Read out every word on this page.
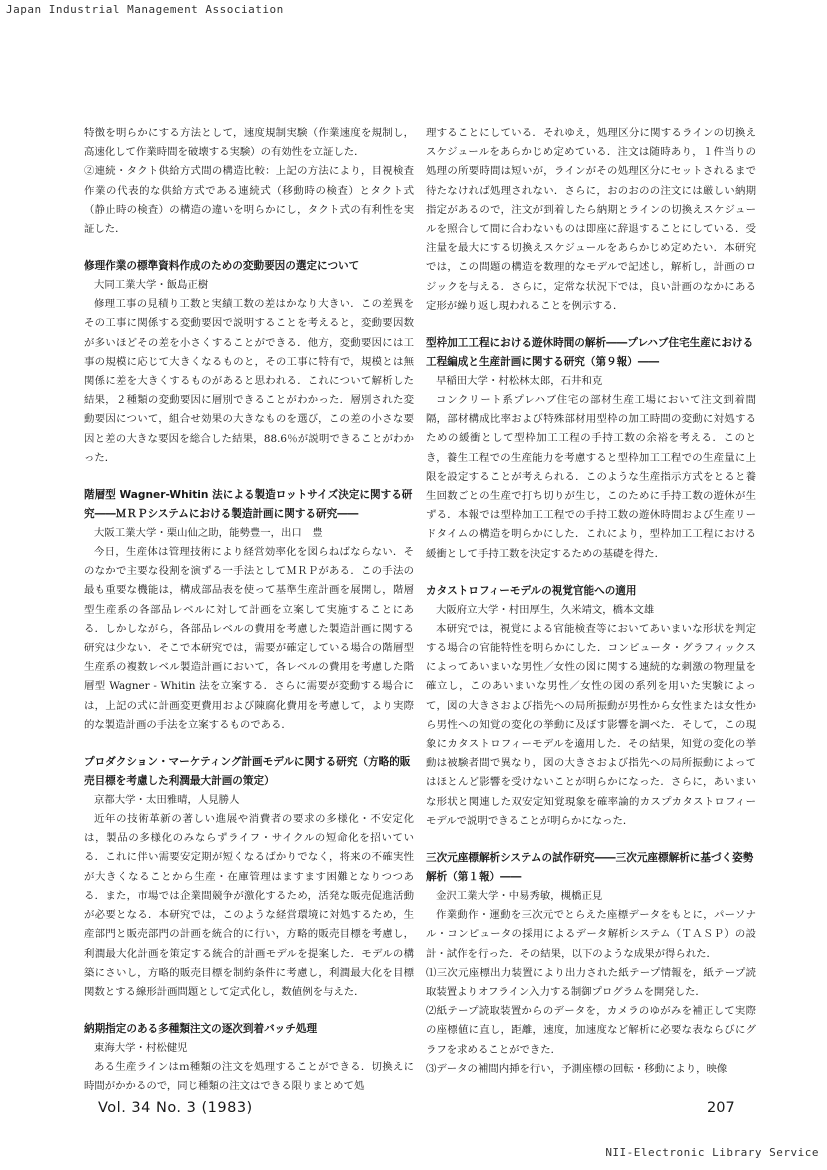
Japan Industrial Management Association

特徴を明らかにする方法として，速度規制実験（作業速度を規制し，高速化して作業時間を破壊する実験）の有効性を立証した．

②連続・タクト供給方式間の構造比較：上記の方法により，目視検査作業の代表的な供給方式である連続式（移動時の検査）とタクト式（静止時の検査）の構造の違いを明らかにし，タクト式の有利性を実証した．

修理作業の標準資料作成のための変動要因の選定について

大同工業大学・飯島正樹

修理工事の見積り工数と実績工数の差はかなり大きい．この差異をその工事に関係する変動要因で説明することを考えると，変動要因数が多いほどその差を小さくすることができる．他方，変動要因には工事の規模に応じて大きくなるものと，その工事に特有で，規模とは無関係に差を大きくするものがあると思われる．これについて解析した結果，２種類の変動要因に層別できることがわかった．層別された変動要因について，組合せ効果の大きなものを選び，この差の小さな要因と差の大きな要因を総合した結果，88.6％が説明できることがわかった．

階層型 Wagner-Whitin 法による製造ロットサイズ決定に関する研究――ＭＲＰシステムにおける製造計画に関する研究――

大阪工業大学・栗山仙之助，能勢豊一，出口　豊

今日，生産体は管理技術により経営効率化を図らねばならない．そのなかで主要な役割を演ずる一手法としてＭＲＰがある．この手法の最も重要な機能は，構成部品表を使って基準生産計画を展開し，階層型生産系の各部品レベルに対して計画を立案して実施することにある．しかしながら，各部品レベルの費用を考慮した製造計画に関する研究は少ない．そこで本研究では，需要が確定している場合の階層型生産系の複数レベル製造計画において，各レベルの費用を考慮した階層型 Wagner - Whitin 法を立案する．さらに需要が変動する場合には，上記の式に計画変更費用および陳腐化費用を考慮して，より実際的な製造計画の手法を立案するものである．

プロダクション・マーケティング計画モデルに関する研究（方略的販売目標を考慮した利潤最大計画の策定）

京都大学・太田雅晴，人見勝人

近年の技術革新の著しい進展や消費者の要求の多様化・不安定化は，製品の多様化のみならずライフ・サイクルの短命化を招いている．これに伴い需要安定期が短くなるばかりでなく，将来の不確実性が大きくなることから生産・在庫管理はますます困難となりつつある．また，市場では企業間競争が激化するため，活発な販売促進活動が必要となる．本研究では，このような経営環境に対処するため，生産部門と販売部門の計画を統合的に行い，方略的販売目標を考慮し，利潤最大化計画を策定する統合的計画モデルを提案した．モデルの構築にさいし，方略的販売目標を制約条件に考慮し，利潤最大化を目標関数とする線形計画問題として定式化し，数値例を与えた．

納期指定のある多種類注文の逐次到着バッチ処理

東海大学・村松健児

ある生産ラインはｍ種類の注文を処理することができる．切換えに時間がかかるので，同じ種類の注文はできる限りまとめて処

理することにしている．それゆえ，処理区分に関するラインの切換えスケジュールをあらかじめ定めている．注文は随時あり，１件当りの処理の所要時間は短いが，ラインがその処理区分にセットされるまで待たなければ処理されない．さらに，おのおのの注文には厳しい納期指定があるので，注文が到着したら納期とラインの切換えスケジュールを照合して間に合わないものは即座に辞退することにしている．受注量を最大にする切換えスケジュールをあらかじめ定めたい．本研究では，この問題の構造を数理的なモデルで記述し，解析し，計画のロジックを与える．さらに，定常な状況下では，良い計画のなかにある定形が繰り返し現われることを例示する．

型枠加工工程における遊休時間の解析――プレハブ住宅生産における工程編成と生産計画に関する研究（第９報）――

早稲田大学・村松林太郎，石井和克

コンクリート系プレハブ住宅の部材生産工場において注文到着間隔，部材構成比率および特殊部材用型枠の加工時間の変動に対処するための緩衝として型枠加工工程の手持工数の余裕を考える．このとき，養生工程での生産能力を考慮すると型枠加工工程での生産量に上限を設定することが考えられる．このような生産指示方式をとると養生回数ごとの生産で打ち切りが生じ，このために手持工数の遊休が生ずる．本報では型枠加工工程での手持工数の遊休時間および生産リードタイムの構造を明らかにした．これにより，型枠加工工程における緩衝として手持工数を決定するための基礎を得た．

カタストロフィーモデルの視覚官能への適用

大阪府立大学・村田厚生，久米靖文，橋本文雄

本研究では，視覚による官能検査等においてあいまいな形状を判定する場合の官能特性を明らかにした．コンピュータ・グラフィックスによってあいまいな男性／女性の図に関する連続的な刺激の物理量を確立し，このあいまいな男性／女性の図の系列を用いた実験によって，図の大きさおよび指先への局所振動が男性から女性または女性から男性への知覚の変化の挙動に及ぼす影響を調べた．そして，この現象にカタストロフィーモデルを適用した．その結果，知覚の変化の挙動は被験者間で異なり，図の大きさおよび指先への局所振動によってはほとんど影響を受けないことが明らかになった．さらに，あいまいな形状と関連した双安定知覚現象を確率論的カスプカタストロフィーモデルで説明できることが明らかになった．

三次元座標解析システムの試作研究――三次元座標解析に基づく姿勢解析（第１報）――

金沢工業大学・中易秀敏，槻橋正見

作業動作・運動を三次元でとらえた座標データをもとに，パーソナル・コンピュータの採用によるデータ解析システム（ＴＡＳＰ）の設計・試作を行った．その結果，以下のような成果が得られた．

⑴三次元座標出力装置により出力された紙テープ情報を，紙テープ読取装置よりオフライン入力する制御プログラムを開発した．

⑵紙テープ読取装置からのデータを，カメラのゆがみを補正して実際の座標値に直し，距離，速度，加速度など解析に必要な表ならびにグラフを求めることができた．

⑶データの補間内挿を行い，予測座標の回転・移動により，映像

Vol. 34 No. 3 (1983)	207
NII-Electronic Library Service
